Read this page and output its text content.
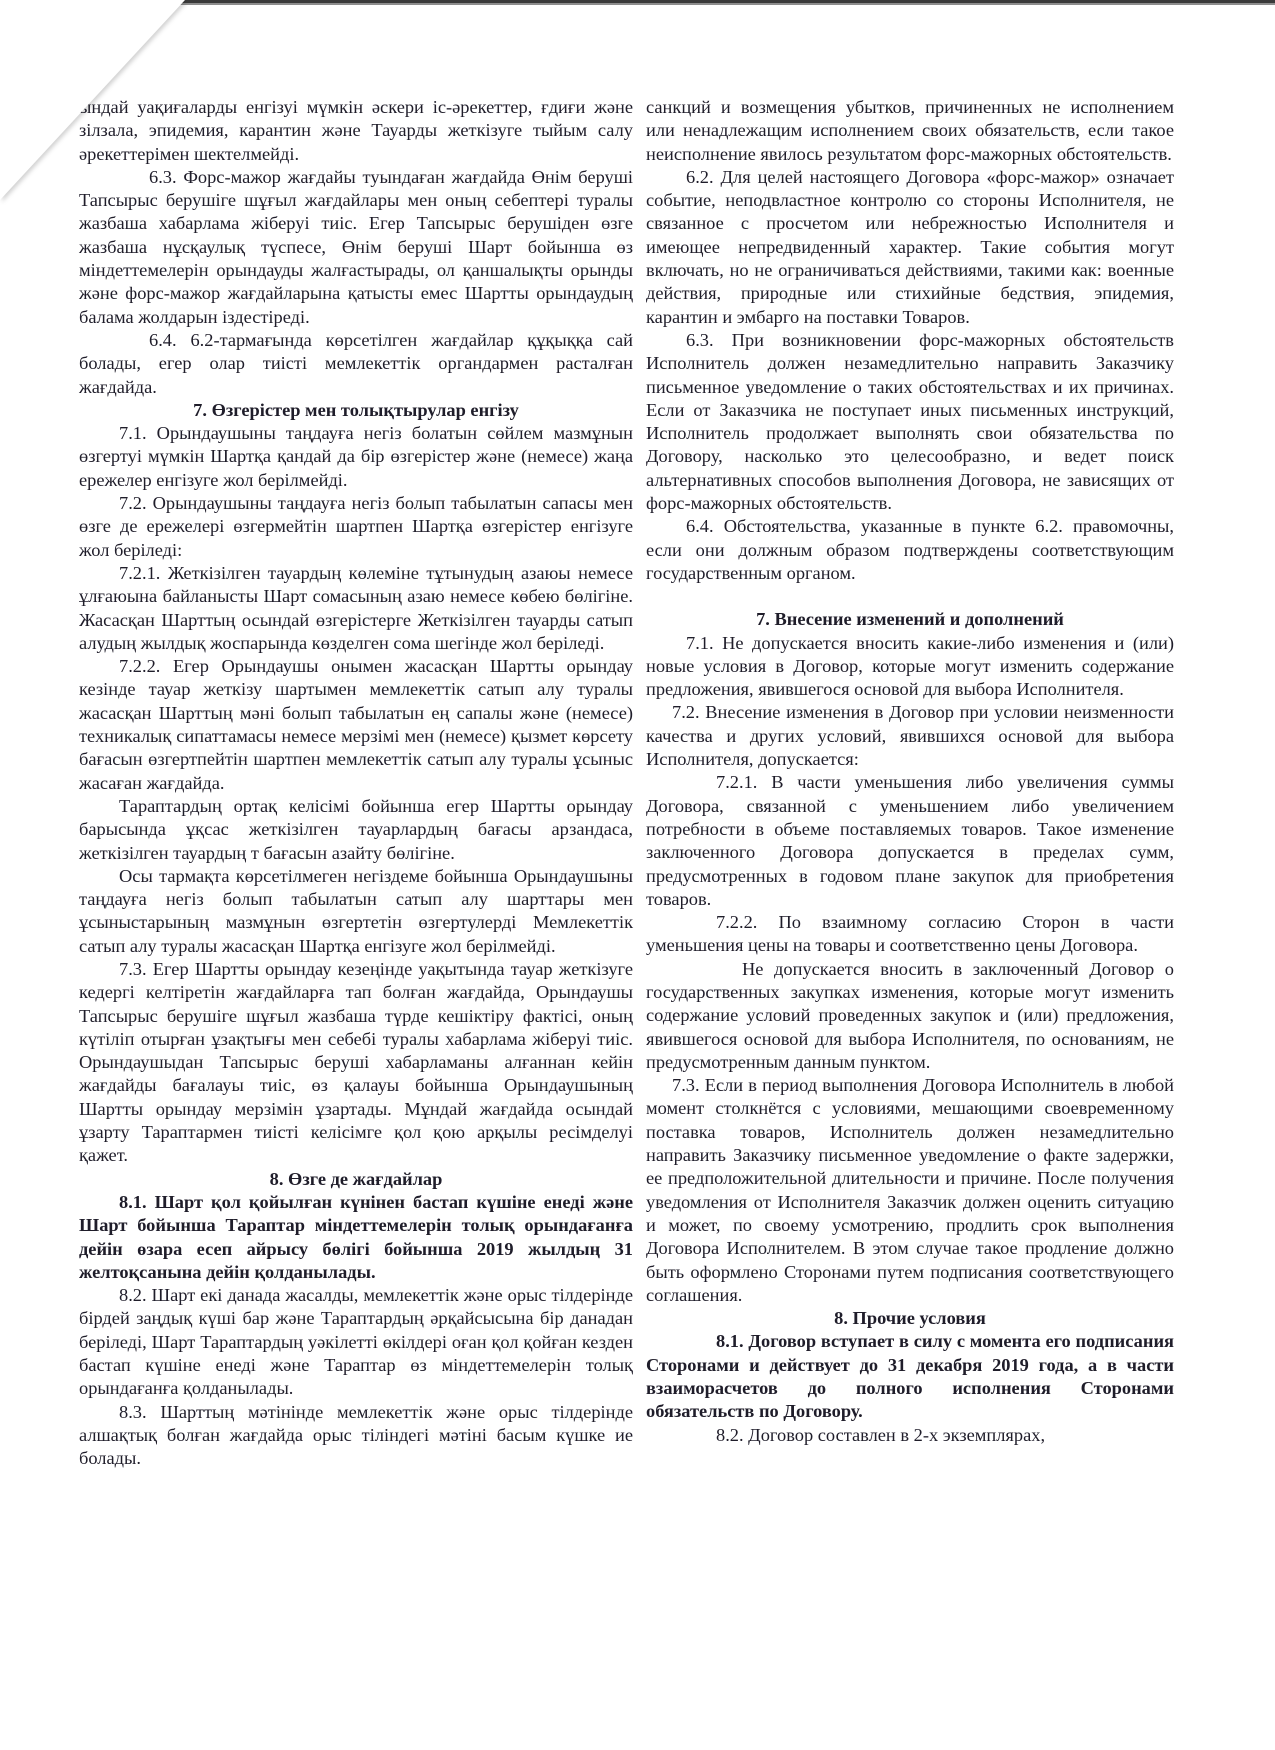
ындай уақиғаларды енгізуі мүмкін әскери іс-әрекеттер, ғдиғи және зілзала, эпидемия, карантин және Тауарды жеткізуге тыйым салу әрекеттерімен шектелмейді.

6.3. Форс-мажор жағдайы туындаған жағдайда Өнім беруші Тапсырыс берушіге шұғыл жағдайлары мен оның себептері туралы жазбаша хабарлама жіберуі тиіс. Егер Тапсырыс берушіден өзге жазбаша нұсқаулық түспесе, Өнім беруші Шарт бойынша өз міндеттемелерін орындауды жалғастырады, ол қаншалықты орынды және форс-мажор жағдайларына қатысты емес Шартты орындаудың балама жолдарын іздестіреді.

6.4. 6.2-тармағында көрсетілген жағдайлар құқыққа сай болады, егер олар тиісті мемлекеттік органдармен расталған жағдайда.

7. Өзгерістер мен толықтырулар енгізу

7.1. Орындаушыны таңдауға негіз болатын сөйлем мазмұнын өзгертуі мүмкін Шартқа қандай да бір өзгерістер және (немесе) жаңа ережелер енгізуге жол берілмейді.

7.2. Орындаушыны таңдауға негіз болып табылатын сапасы мен өзге де ережелері өзгермейтін шартпен Шартқа өзгерістер енгізуге жол беріледі:

7.2.1. Жеткізілген тауардың көлеміне тұтынудың азаюы немесе ұлғаюына байланысты Шарт сомасының азаю немесе көбею бөлігіне. Жасасқан Шарттың осындай өзгерістерге Жеткізілген тауарды сатып алудың жылдық жоспарында көзделген сома шегінде жол беріледі.

7.2.2. Егер Орындаушы онымен жасасқан Шартты орындау кезінде тауар жеткізу шартымен мемлекеттік сатып алу туралы жасасқан Шарттың мәні болып табылатын ең сапалы және (немесе) техникалық сипаттамасы немесе мерзімі мен (немесе) қызмет көрсету бағасын өзгертпейтін шартпен мемлекеттік сатып алу туралы ұсыныс жасаған жағдайда.

Тараптардың ортақ келісімі бойынша егер Шартты орындау барысында ұқсас жеткізілген тауарлардың бағасы арзандаса, жеткізілген тауардың т бағасын азайту бөлігіне.

Осы тармақта көрсетілмеген негіздеме бойынша Орындаушыны таңдауға негіз болып табылатын сатып алу шарттары мен ұсыныстарының мазмұнын өзгертетін өзгертулерді Мемлекеттік сатып алу туралы жасасқан Шартқа енгізуге жол берілмейді.

7.3. Егер Шартты орындау кезеңінде уақытында тауар жеткізуге кедергі келтіретін жағдайларға тап болған жағдайда, Орындаушы Тапсырыс берушіге шұғыл жазбаша түрде кешіктіру фактісі, оның күтіліп отырған ұзақтығы мен себебі туралы хабарлама жіберуі тиіс. Орындаушыдан Тапсырыс беруші хабарламаны алғаннан кейін жағдайды бағалауы тиіс, өз қалауы бойынша Орындаушының Шартты орындау мерзімін ұзартады. Мұндай жағдайда осындай ұзарту Тараптармен тиісті келісімге қол қою арқылы ресімделуі қажет.

8. Өзге де жағдайлар

8.1. Шарт қол қойылған күнінен бастап күшіне енеді және Шарт бойынша Тараптар міндеттемелерін толық орындағанға дейін өзара есеп айрысу бөлігі бойынша 2019 жылдың 31 желтоқсанына дейін қолданылады.

8.2. Шарт екі данада жасалды, мемлекеттік және орыс тілдерінде бірдей заңдық күші бар және Тараптардың әрқайсысына бір данадан беріледі, Шарт Тараптардың уәкілетті өкілдері оған қол қойған кезден бастап күшіне енеді және Тараптар өз міндеттемелерін толық орындағанға қолданылады.

8.3. Шарттың мәтінінде мемлекеттік және орыс тілдерінде алшақтық болған жағдайда орыс тіліндегі мәтіні басым күшке ие болады.

санкций и возмещения убытков, причиненных не исполнением или ненадлежащим исполнением своих обязательств, если такое неисполнение явилось результатом форс-мажорных обстоятельств.

6.2. Для целей настоящего Договора «форс-мажор» означает событие, неподвластное контролю со стороны Исполнителя, не связанное с просчетом или небрежностью Исполнителя и имеющее непредвиденный характер. Такие события могут включать, но не ограничиваться действиями, такими как: военные действия, природные или стихийные бедствия, эпидемия, карантин и эмбарго на поставки Товаров.

6.3. При возникновении форс-мажорных обстоятельств Исполнитель должен незамедлительно направить Заказчику письменное уведомление о таких обстоятельствах и их причинах. Если от Заказчика не поступает иных письменных инструкций, Исполнитель продолжает выполнять свои обязательства по Договору, насколько это целесообразно, и ведет поиск альтернативных способов выполнения Договора, не зависящих от форс-мажорных обстоятельств.

6.4. Обстоятельства, указанные в пункте 6.2. правомочны, если они должным образом подтверждены соответствующим государственным органом.

7. Внесение изменений и дополнений

7.1. Не допускается вносить какие-либо изменения и (или) новые условия в Договор, которые могут изменить содержание предложения, явившегося основой для выбора Исполнителя.

7.2. Внесение изменения в Договор при условии неизменности качества и других условий, явившихся основой для выбора Исполнителя, допускается:

7.2.1. В части уменьшения либо увеличения суммы Договора, связанной с уменьшением либо увеличением потребности в объеме поставляемых товаров. Такое изменение заключенного Договора допускается в пределах сумм, предусмотренных в годовом плане закупок для приобретения товаров.

7.2.2. По взаимному согласию Сторон в части уменьшения цены на товары и соответственно цены Договора.

Не допускается вносить в заключенный Договор о государственных закупках изменения, которые могут изменить содержание условий проведенных закупок и (или) предложения, явившегося основой для выбора Исполнителя, по основаниям, не предусмотренным данным пунктом.

7.3. Если в период выполнения Договора Исполнитель в любой момент столкнётся с условиями, мешающими своевременному поставка товаров, Исполнитель должен незамедлительно направить Заказчику письменное уведомление о факте задержки, ее предположительной длительности и причине. После получения уведомления от Исполнителя Заказчик должен оценить ситуацию и может, по своему усмотрению, продлить срок выполнения Договора Исполнителем. В этом случае такое продление должно быть оформлено Сторонами путем подписания соответствующего соглашения.

8. Прочие условия

8.1. Договор вступает в силу с момента его подписания Сторонами и действует до 31 декабря 2019 года, а в части взаиморасчетов до полного исполнения Сторонами обязательств по Договору.

8.2. Договор составлен в 2-х экземплярах,
